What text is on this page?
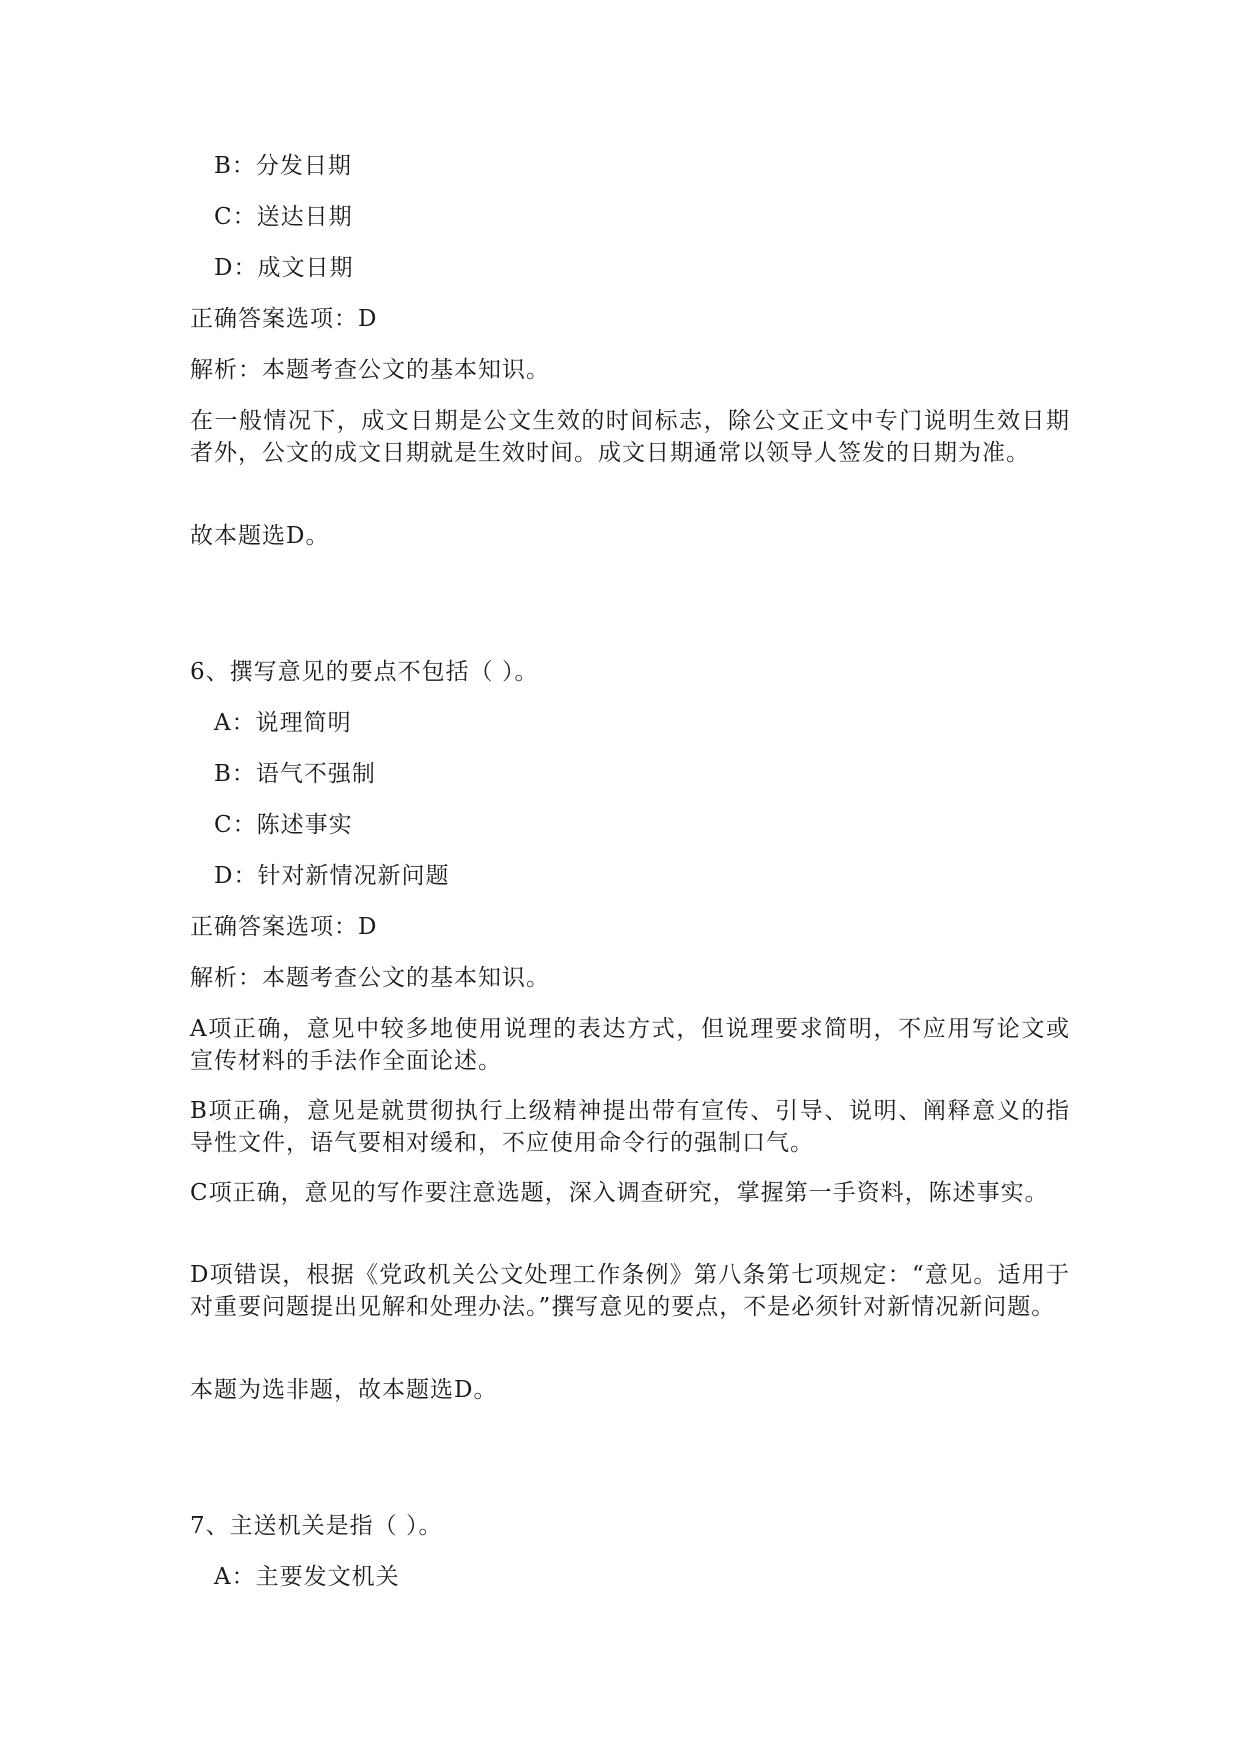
B：分发日期
C：送达日期
D：成文日期
正确答案选项：D
解析：本题考查公文的基本知识。
在一般情况下，成文日期是公文生效的时间标志，除公文正文中专门说明生效日期者外，公文的成文日期就是生效时间。成文日期通常以领导人签发的日期为准。
故本题选D。
6、撰写意见的要点不包括（ ）。
A：说理简明
B：语气不强制
C：陈述事实
D：针对新情况新问题
正确答案选项：D
解析：本题考查公文的基本知识。
A项正确，意见中较多地使用说理的表达方式，但说理要求简明，不应用写论文或宣传材料的手法作全面论述。
B项正确，意见是就贯彻执行上级精神提出带有宣传、引导、说明、阐释意义的指导性文件，语气要相对缓和，不应使用命令行的强制口气。
C项正确，意见的写作要注意选题，深入调查研究，掌握第一手资料，陈述事实。
D项错误，根据《党政机关公文处理工作条例》第八条第七项规定：“意见。适用于对重要问题提出见解和处理办法。”撰写意见的要点，不是必须针对新情况新问题。
本题为选非题，故本题选D。
7、主送机关是指（ ）。
A：主要发文机关
